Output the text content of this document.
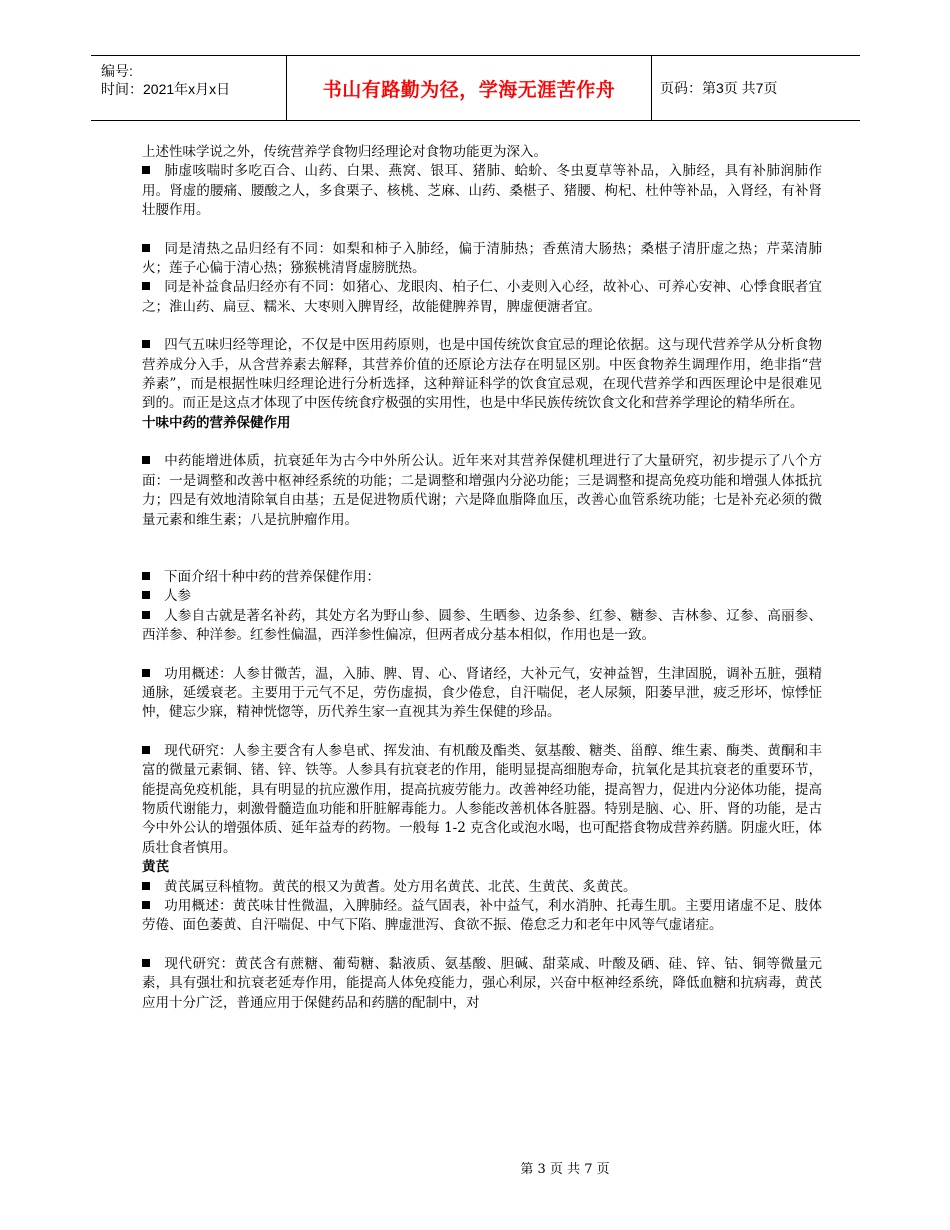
编号:
时间：2021年x月x日	书山有路勤为径，学海无涯苦作舟	页码：第3页 共7页

上述性味学说之外，传统营养学食物归经理论对食物功能更为深入。

肺虚咳喘时多吃百合、山药、白果、燕窝、银耳、猪肺、蛤蚧、冬虫夏草等补品，入肺经，具有补肺润肺作用。肾虚的腰痛、腰酸之人，多食栗子、核桃、芝麻、山药、桑椹子、猪腰、枸杞、杜仲等补品，入肾经，有补肾壮腰作用。

同是清热之品归经有不同：如梨和柿子入肺经，偏于清肺热；香蕉清大肠热；桑椹子清肝虚之热；芹菜清肺火；莲子心偏于清心热；猕猴桃清肾虚膀胱热。

同是补益食品归经亦有不同：如猪心、龙眼肉、柏子仁、小麦则入心经，故补心、可养心安神、心悸食眠者宜之；淮山药、扁豆、糯米、大枣则入脾胃经，故能健脾养胃，脾虚便溏者宜。

四气五味归经等理论，不仅是中医用药原则，也是中国传统饮食宜忌的理论依据。这与现代营养学从分析食物营养成分入手，从含营养素去解释，其营养价值的还原论方法存在明显区别。中医食物养生调理作用，绝非指“营养素”，而是根据性味归经理论进行分析选择，这种辩证科学的饮食宜忌观，在现代营养学和西医理论中是很难见到的。而正是这点才体现了中医传统食疗极强的实用性，也是中华民族传统饮食文化和营养学理论的精华所在。

十味中药的营养保健作用

中药能增进体质，抗衰延年为古今中外所公认。近年来对其营养保健机理进行了大量研究，初步提示了八个方面：一是调整和改善中枢神经系统的功能；二是调整和增强内分泌功能；三是调整和提高免疫功能和增强人体抵抗力；四是有效地清除氧自由基；五是促进物质代谢；六是降血脂降血压，改善心血管系统功能；七是补充必须的微量元素和维生素；八是抗肿瘤作用。

下面介绍十种中药的营养保健作用：

人参

人参自古就是著名补药，其处方名为野山参、圆参、生晒参、边条参、红参、糖参、吉林参、辽参、高丽参、西洋参、种洋参。红参性偏温，西洋参性偏凉，但两者成分基本相似，作用也是一致。

功用概述：人参甘微苦，温，入肺、脾、胃、心、肾诸经，大补元气，安神益智，生津固脱，调补五脏，强精通脉，延缓衰老。主要用于元气不足，劳伤虚损，食少倦怠，自汗喘促，老人尿频，阳萎早泄，疲乏形坏，惊悸怔忡，健忘少寐，精神恍惚等，历代养生家一直视其为养生保健的珍品。

现代研究：人参主要含有人参皂甙、挥发油、有机酸及酯类、氨基酸、糖类、甾醇、维生素、酶类、黄酮和丰富的微量元素铜、锗、锌、铁等。人参具有抗衰老的作用，能明显提高细胞寿命，抗氧化是其抗衰老的重要环节，能提高免疫机能，具有明显的抗应激作用，提高抗疲劳能力。改善神经功能，提高智力，促进内分泌体功能，提高物质代谢能力，刺激骨髓造血功能和肝脏解毒能力。人参能改善机体各脏器。特别是脑、心、肝、肾的功能，是古今中外公认的增强体质、延年益寿的药物。一般每 1-2 克含化或泡水喝，也可配搭食物成营养药膳。阴虚火旺，体质壮食者慎用。

黄芪

黄芪属豆科植物。黄芪的根又为黄耆。处方用名黄芪、北芪、生黄芪、炙黄芪。

功用概述：黄芪味甘性微温，入脾肺经。益气固表，补中益气，利水消肿、托毒生肌。主要用诸虚不足、肢体劳倦、面色萎黄、自汗喘促、中气下陷、脾虚泄泻、食欲不振、倦怠乏力和老年中风等气虚诸症。

现代研究：黄芪含有蔗糖、葡萄糖、黏液质、氨基酸、胆碱、甜菜咸、叶酸及硒、硅、锌、钴、铜等微量元素，具有强壮和抗衰老延寿作用，能提高人体免疫能力，强心利尿，兴奋中枢神经系统，降低血糖和抗病毒，黄芪应用十分广泛，普通应用于保健药品和药膳的配制中，对

第 3 页 共 7 页
